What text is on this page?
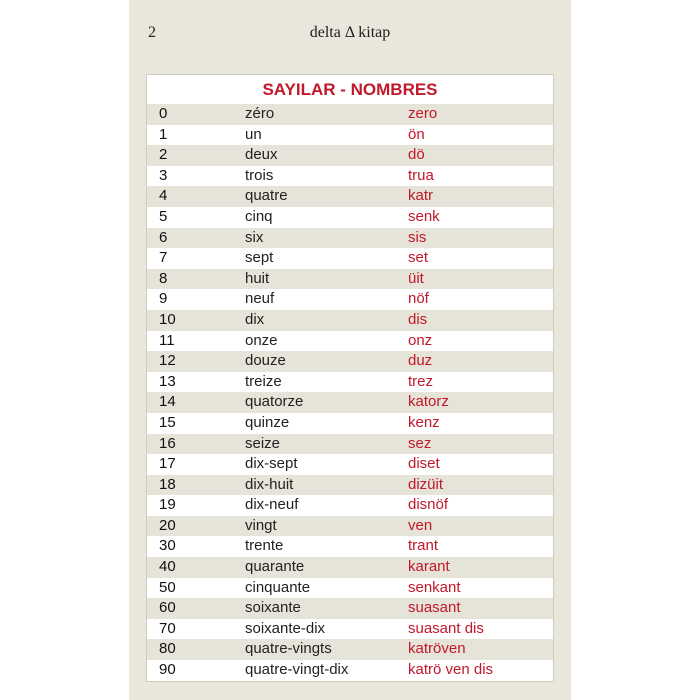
2	delta Δ kitap
SAYILAR - NOMBRES
0	zéro	zero
1	un	ön
2	deux	dö
3	trois	trua
4	quatre	katr
5	cinq	senk
6	six	sis
7	sept	set
8	huit	üit
9	neuf	nöf
10	dix	dis
11	onze	onz
12	douze	duz
13	treize	trez
14	quatorze	katorz
15	quinze	kenz
16	seize	sez
17	dix-sept	diset
18	dix-huit	dizüit
19	dix-neuf	disnöf
20	vingt	ven
30	trente	trant
40	quarante	karant
50	cinquante	senkant
60	soixante	suasant
70	soixante-dix	suasant dis
80	quatre-vingts	katröven
90	quatre-vingt-dix	katrö ven dis
